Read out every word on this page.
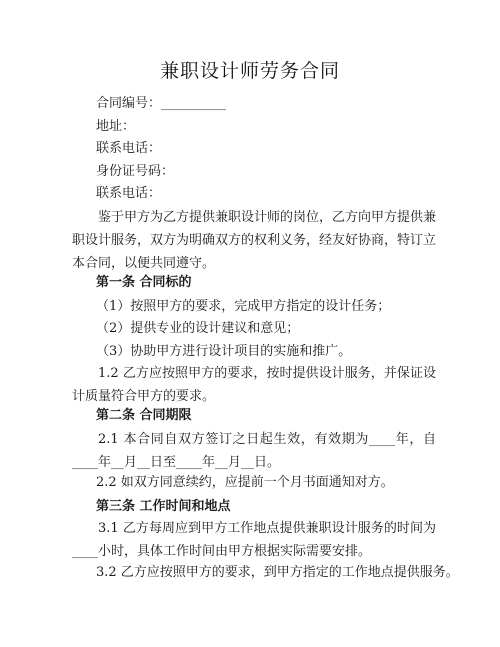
兼职设计师劳务合同
合同编号：__________
地址：
联系电话：
身份证号码：
联系电话：

鉴于甲方为乙方提供兼职设计师的岗位，乙方向甲方提供兼职设计服务，双方为明确双方的权利义务，经友好协商，特订立本合同，以便共同遵守。

第一条 合同标的
（1）按照甲方的要求，完成甲方指定的设计任务；
（2）提供专业的设计建议和意见；
（3）协助甲方进行设计项目的实施和推广。

1.2 乙方应按照甲方的要求，按时提供设计服务，并保证设计质量符合甲方的要求。

第二条 合同期限

2.1 本合同自双方签订之日起生效，有效期为____年，自____年__月__日至____年__月__日。

2.2 如双方同意续约，应提前一个月书面通知对方。
第三条 工作时间和地点

3.1 乙方每周应到甲方工作地点提供兼职设计服务的时间为____小时，具体工作时间由甲方根据实际需要安排。

3.2 乙方应按照甲方的要求，到甲方指定的工作地点提供服务。
